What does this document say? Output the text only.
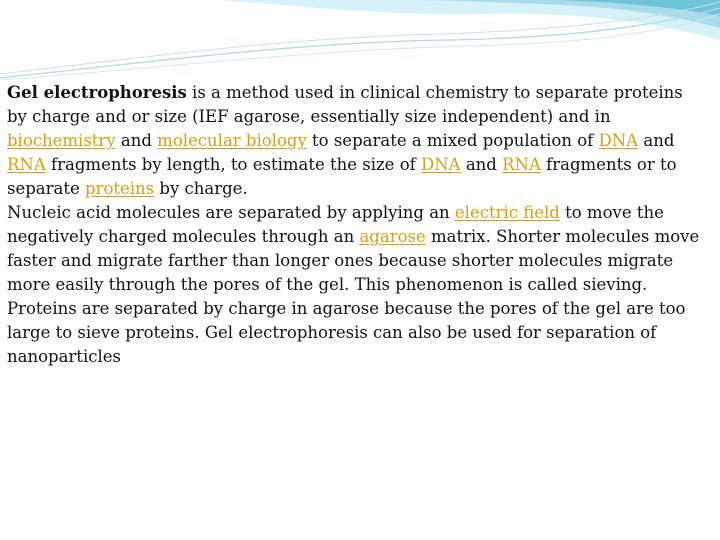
Gel electrophoresis is a method used in clinical chemistry to separate proteins by charge and or size (IEF agarose, essentially size independent) and in biochemistry and molecular biology to separate a mixed population of DNA and RNA fragments by length, to estimate the size of DNA and RNA fragments or to separate proteins by charge.

Nucleic acid molecules are separated by applying an electric field to move the negatively charged molecules through an agarose matrix. Shorter molecules move faster and migrate farther than longer ones because shorter molecules migrate more easily through the pores of the gel. This phenomenon is called sieving.

Proteins are separated by charge in agarose because the pores of the gel are too large to sieve proteins. Gel electrophoresis can also be used for separation of nanoparticles
